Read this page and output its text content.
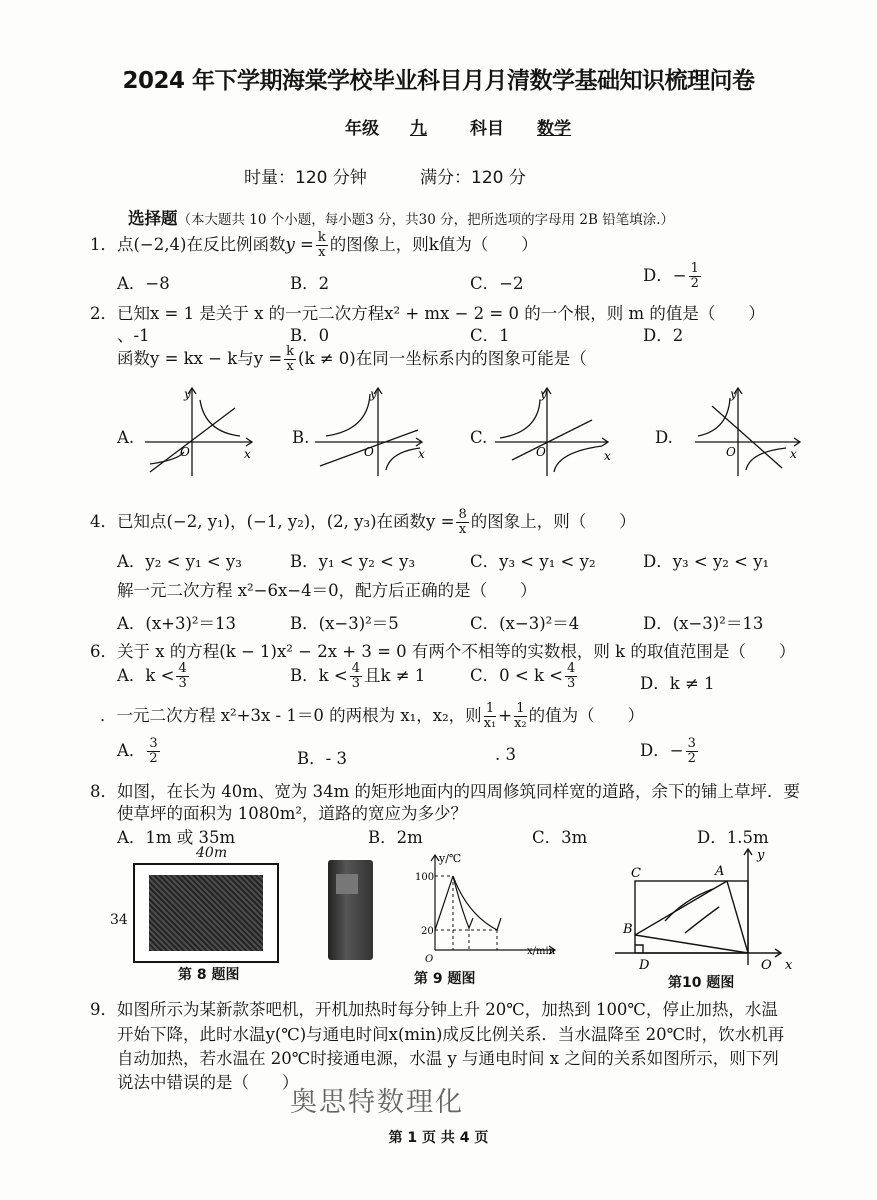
2024 年下学期海棠学校毕业科目月月清数学基础知识梳理问卷
年级 九	科目 数学
时量：120 分钟	满分：120 分
选择题（本大题共 10 个小题，每小题3 分，共30 分，把所选项的字母用 2B 铅笔填涂.）
1．点(−2,4)在反比例函数$y = \frac{k}{x}$ 的图像上，则k值为（　　）
A．−8	B．2	C．−2	D．− $\frac{1}{2}$
2．已知x = 1 是关于 x 的一元二次方程x² + mx − 2 = 0 的一个根，则 m 的值是（　　）
、-1	B．0	C．1	D．2
函数y = kx − k与$y = \frac{k}{x} (k \ne 0)$在同一坐标系内的图象可能是（
A.	B.	C.	D.
y
x
O
y
x
O
y
x
O
y
x
O
4．已知点(−2, y₁)，(−1, y₂)，(2, y₃)在函数$y = \frac{8}{x}$ 的图象上，则（　　）
A．y₂ < y₁ < y₃	B．y₁ < y₂ < y₃	C．y₃ < y₁ < y₂	D．y₃ < y₂ < y₁
解一元二次方程 x²−6x−4＝0，配方后正确的是（　　）
A．(x+3)²＝13	B．(x−3)²＝5	C．(x−3)²＝4	D．(x−3)²＝13
6．关于 x 的方程(k − 1)x² − 2x + 3 = 0 有两个不相等的实数根，则 k 的取值范围是（　　）
A．$k < \frac{4}{3}$	B．$k < \frac{4}{3}$ 且k ≠ 1	C．$0 < k < \frac{4}{3}$	D．k ≠ 1
．一元二次方程 x²+3x - 1＝0 的两根为 x₁，x₂，则 $\frac{1}{\text{x₁}} + \frac{1}{\text{x₂}}$ 的值为（　　）
A． $\frac{3}{2}$	B．- 3	. 3	D．− $\frac{3}{2}$
8．如图，在长为 40m、宽为 34m 的矩形地面内的四周修筑同样宽的道路，余下的铺上草坪．要
使草坪的面积为 1080m²，道路的宽应为多少？
A．1m 或 35m	B．2m	C．3m	D．1.5m
40m
34
第 8 题图
y/℃
x/min
100
20
O
第 9 题图
C	A
B
D	O x
y
第10 题图
9．如图所示为某新款茶吧机，开机加热时每分钟上升 20℃，加热到 100℃，停止加热，水温
开始下降，此时水温y(℃)与通电时间x(min)成反比例关系．当水温降至 20℃时，饮水机再
自动加热，若水温在 20℃时接通电源，水温 y 与通电时间 x 之间的关系如图所示，则下列
说法中错误的是（　　）
奥思特数理化
第 1 页 共 4 页
